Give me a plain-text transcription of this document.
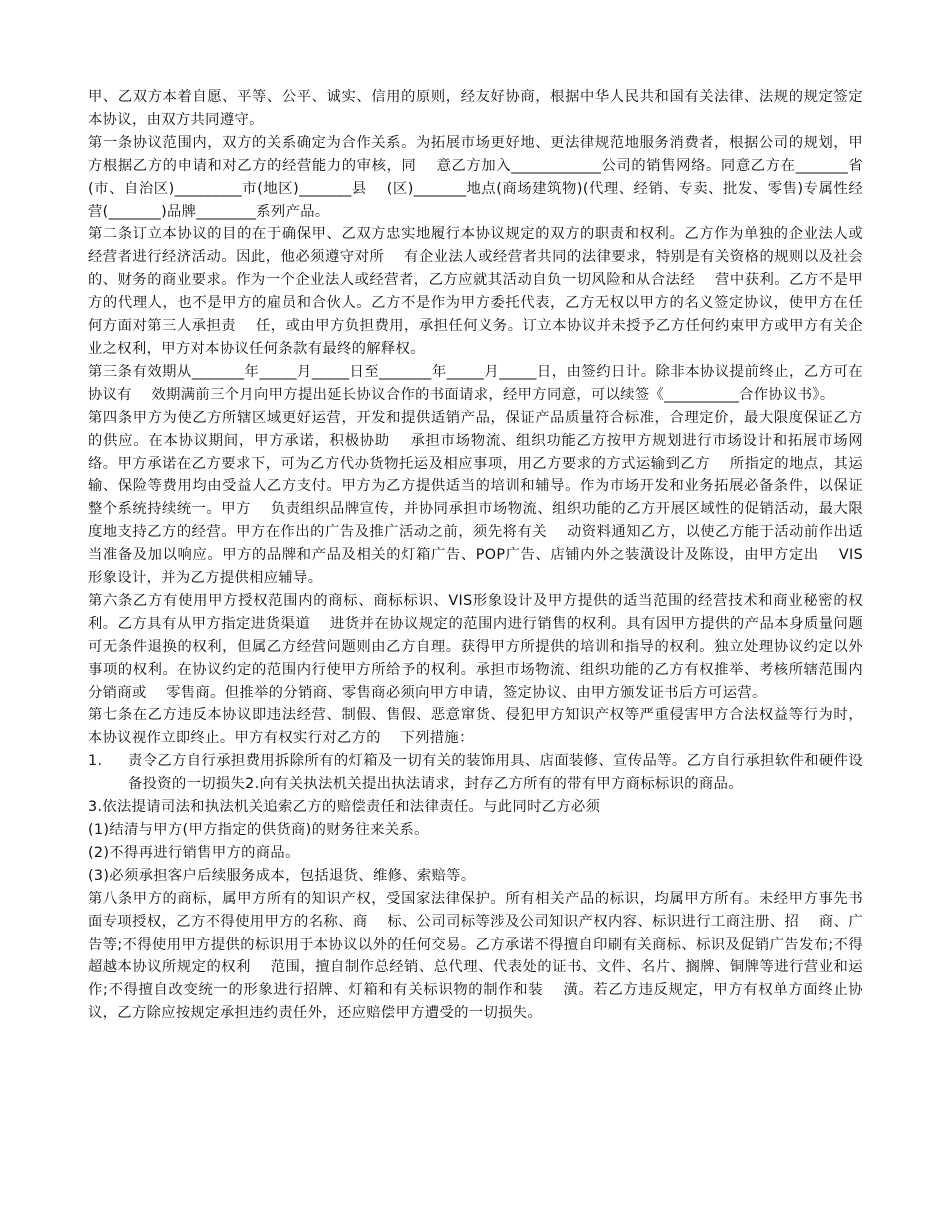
甲、乙双方本着自愿、平等、公平、诚实、信用的原则，经友好协商，根据中华人民共和国有关法律、法规的规定签定本协议，由双方共同遵守。

第一条协议范围内，双方的关系确定为合作关系。为拓展市场更好地、更法律规范地服务消费者，根据公司的规划，甲方根据乙方的申请和对乙方的经营能力的审核，同　 意乙方加入____________公司的销售网络。同意乙方在_______省(市、自治区)_________市(地区)_______县　 (区)_______地点(商场建筑物)(代理、经销、专卖、批发、零售)专属性经营(_______)品牌________系列产品。

第二条订立本协议的目的在于确保甲、乙双方忠实地履行本协议规定的双方的职责和权利。乙方作为单独的企业法人或经营者进行经济活动。因此，他必须遵守对所　 有企业法人或经营者共同的法律要求，特别是有关资格的规则以及社会的、财务的商业要求。作为一个企业法人或经营者，乙方应就其活动自负一切风险和从合法经　 营中获利。乙方不是甲方的代理人，也不是甲方的雇员和合伙人。乙方不是作为甲方委托代表，乙方无权以甲方的名义签定协议，使甲方在任何方面对第三人承担责　 任，或由甲方负担费用，承担任何义务。订立本协议并未授予乙方任何约束甲方或甲方有关企业之权利，甲方对本协议任何条款有最终的解释权。

第三条有效期从_______年_____月_____日至_______年_____月_____日，由签约日计。除非本协议提前终止，乙方可在协议有　 效期满前三个月向甲方提出延长协议合作的书面请求，经甲方同意，可以续签《__________合作协议书》。

第四条甲方为使乙方所辖区域更好运营，开发和提供适销产品，保证产品质量符合标准，合理定价，最大限度保证乙方的供应。在本协议期间，甲方承诺，积极协助　 承担市场物流、组织功能乙方按甲方规划进行市场设计和拓展市场网络。甲方承诺在乙方要求下，可为乙方代办货物托运及相应事项，用乙方要求的方式运输到乙方　 所指定的地点，其运输、保险等费用均由受益人乙方支付。甲方为乙方提供适当的培训和辅导。作为市场开发和业务拓展必备条件，以保证整个系统持续统一。甲方　 负责组织品牌宣传，并协同承担市场物流、组织功能的乙方开展区域性的促销活动，最大限度地支持乙方的经营。甲方在作出的广告及推广活动之前，须先将有关　 动资料通知乙方，以使乙方能于活动前作出适当准备及加以响应。甲方的品牌和产品及相关的灯箱广告、POP广告、店铺内外之装潢设计及陈设，由甲方定出　 VIS形象设计，并为乙方提供相应辅导。

第六条乙方有使用甲方授权范围内的商标、商标标识、VIS形象设计及甲方提供的适当范围的经营技术和商业秘密的权利。乙方具有从甲方指定进货渠道　 进货并在协议规定的范围内进行销售的权利。具有因甲方提供的产品本身质量问题可无条件退换的权利，但属乙方经营问题则由乙方自理。获得甲方所提供的培训和指导的权利。独立处理协议约定以外事项的权利。在协议约定的范围内行使甲方所给予的权利。承担市场物流、组织功能的乙方有权推举、考核所辖范围内分销商或　 零售商。但推举的分销商、零售商必须向甲方申请，签定协议、由甲方颁发证书后方可运营。

第七条在乙方违反本协议即违法经营、制假、售假、恶意窜货、侵犯甲方知识产权等严重侵害甲方合法权益等行为时，本协议视作立即终止。甲方有权实行对乙方的　 下列措施：

1.	责令乙方自行承担费用拆除所有的灯箱及一切有关的装饰用具、店面装修、宣传品等。乙方自行承担软件和硬件设备投资的一切损失2.向有关执法机关提出执法请求，封存乙方所有的带有甲方商标标识的商品。

3.依法提请司法和执法机关追索乙方的赔偿责任和法律责任。与此同时乙方必须

(1)结清与甲方(甲方指定的供货商)的财务往来关系。

(2)不得再进行销售甲方的商品。

(3)必须承担客户后续服务成本，包括退货、维修、索赔等。

第八条甲方的商标，属甲方所有的知识产权，受国家法律保护。所有相关产品的标识，均属甲方所有。未经甲方事先书面专项授权，乙方不得使用甲方的名称、商　 标、公司司标等涉及公司知识产权内容、标识进行工商注册、招　 商、广告等;不得使用甲方提供的标识用于本协议以外的任何交易。乙方承诺不得擅自印刷有关商标、标识及促销广告发布;不得超越本协议所规定的权利　 范围，擅自制作总经销、总代理、代表处的证书、文件、名片、搁牌、铜牌等进行营业和运作;不得擅自改变统一的形象进行招牌、灯箱和有关标识物的制作和装　 潢。若乙方违反规定，甲方有权单方面终止协议，乙方除应按规定承担违约责任外，还应赔偿甲方遭受的一切损失。
